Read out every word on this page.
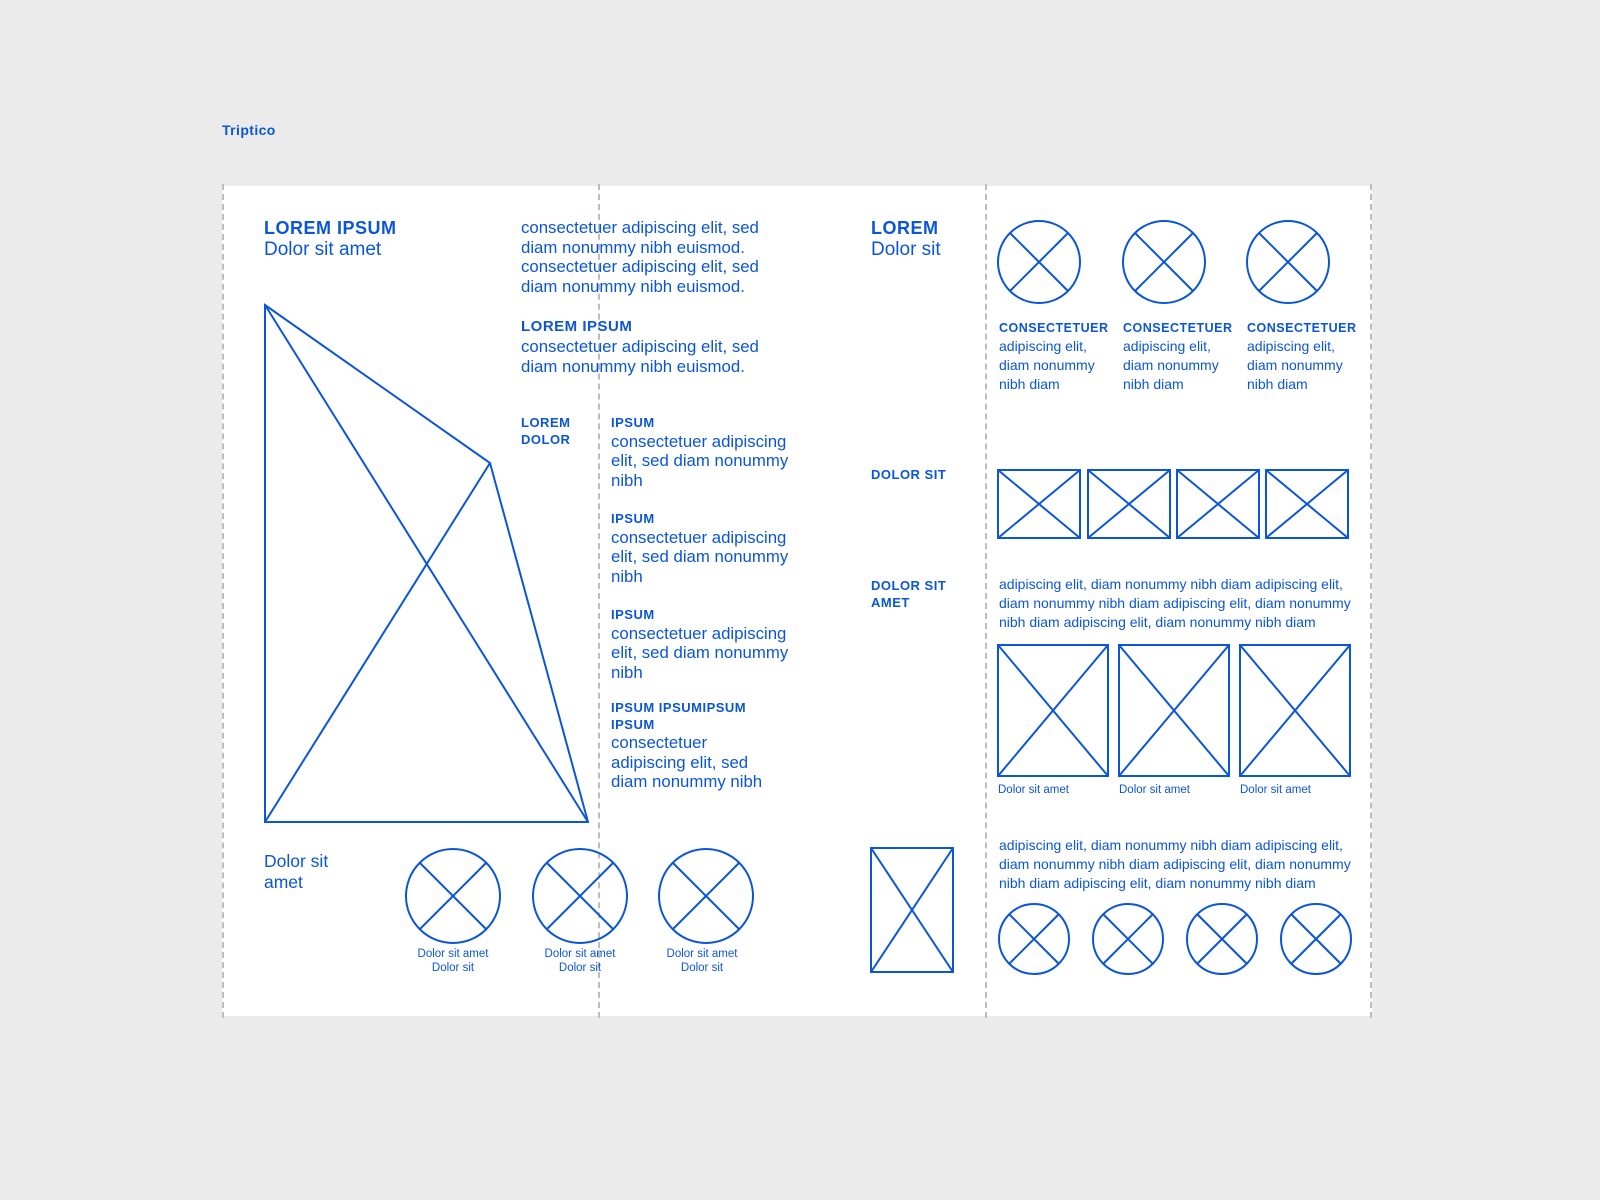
Triptico
LOREM IPSUM
Dolor sit amet
Dolor sit amet
Dolor sit amet
Dolor sit
Dolor sit amet
Dolor sit
Dolor sit amet
Dolor sit
consectetuer adipiscing elit, sed diam nonummy nibh euismod. consectetuer adipiscing elit, sed diam nonummy nibh euismod.
LOREM IPSUM
consectetuer adipiscing elit, sed diam nonummy nibh euismod.
LOREM DOLOR
IPSUM
consectetuer adipiscing elit, sed diam nonummy nibh
IPSUM
consectetuer adipiscing elit, sed diam nonummy nibh
IPSUM
consectetuer adipiscing elit, sed diam nonummy nibh
IPSUM IPSUMIPSUM IPSUM
consectetuer adipiscing elit, sed diam nonummy nibh
LOREM
Dolor sit
CONSECTETUER
adipiscing elit, diam nonummy nibh diam
CONSECTETUER
adipiscing elit, diam nonummy nibh diam
CONSECTETUER
adipiscing elit, diam nonummy nibh diam
DOLOR SIT
DOLOR SIT AMET
adipiscing elit, diam nonummy nibh diam adipiscing elit, diam nonummy nibh diam adipiscing elit, diam nonummy nibh diam adipiscing elit, diam nonummy nibh diam
Dolor sit amet	Dolor sit amet	Dolor sit amet
adipiscing elit, diam nonummy nibh diam adipiscing elit, diam nonummy nibh diam adipiscing elit, diam nonummy nibh diam adipiscing elit, diam nonummy nibh diam
